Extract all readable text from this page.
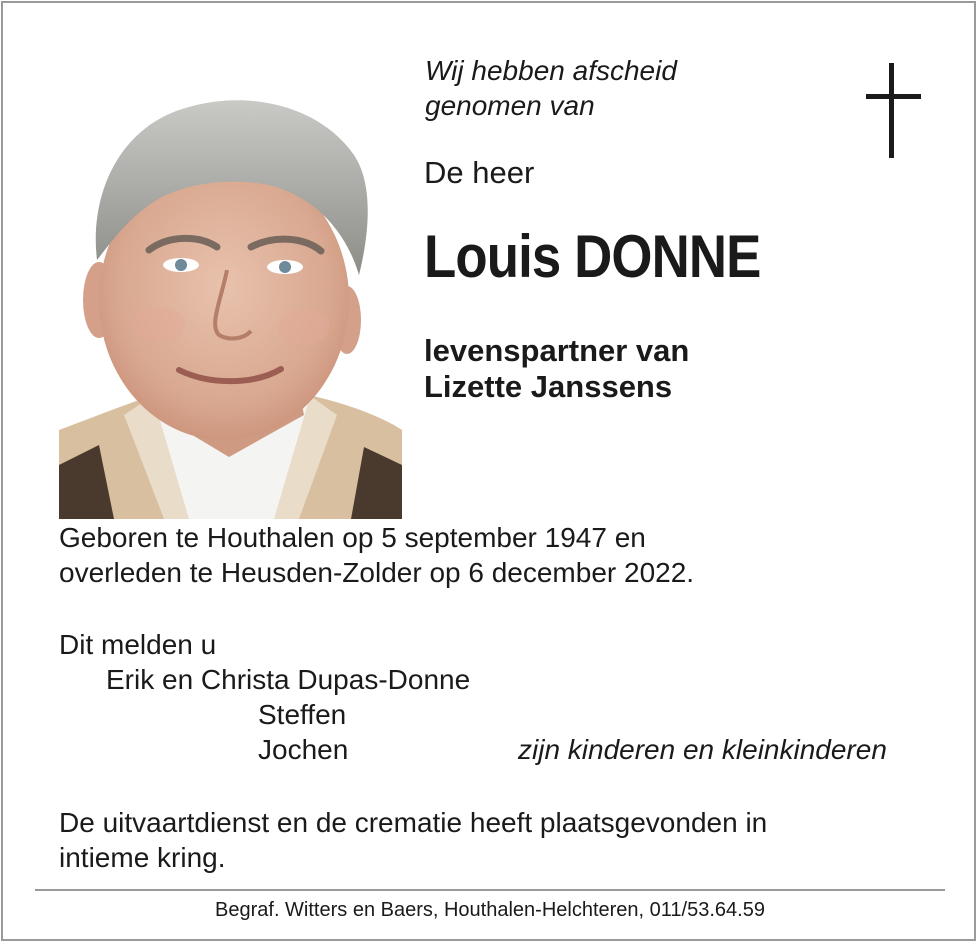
Wij hebben afscheid
genomen van
De heer
Louis DONNE
levenspartner van
Lizette Janssens
Geboren te Houthalen op 5 september 1947 en
overleden te Heusden-Zolder op 6 december 2022.
Dit melden u
Erik en Christa Dupas-Donne
Steffen
Jochen	zijn kinderen en kleinkinderen
De uitvaartdienst en de crematie heeft plaatsgevonden in
intieme kring.
Begraf. Witters en Baers, Houthalen-Helchteren, 011/53.64.59
